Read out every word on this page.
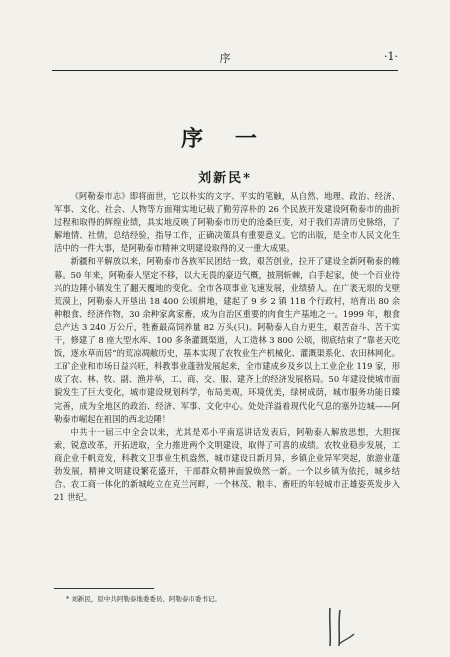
序	·1·
序 一
刘新民*

《阿勒泰市志》即将面世，它以朴实的文字、平实的笔触，从自然、地理、政治、经济、军事、文化、社会、人物等方面翔实地记载了勤劳淳朴的 26 个民族开发建设阿勒泰市的曲折过程和取得的辉煌业绩，具实地反映了阿勒泰市历史的沧桑巨变，对于我们弄清历史脉络，了解地情、社情，总结经验，指导工作，正确决策具有重要意义。它的出版，是全市人民文化生活中的一件大事，是阿勒泰市精神文明建设取得的又一重大成果。

新疆和平解放以来，阿勒泰市各族军民团结一致，艰苦创业，拉开了建设全新阿勒泰的帷幕。50 年来，阿勒泰人坚定不移，以大无畏的豪迈气概，披荆斩棘，白手起家，使一个百业待兴的边陲小镇发生了翻天覆地的变化。全市各项事业飞速发展，业绩骄人。在广袤无垠的戈壁荒漠上，阿勒泰人开垦出 18 400 公顷耕地，建起了 9 乡 2 镇 118 个行政村，培育出 80 余种粮食、经济作物，30 余种家禽家畜，成为自治区重要的肉食生产基地之一。1999 年，粮食总产达 3 240 万公斤，牲畜最高饲养量 82 万头(只)。阿勒泰人自力更生，艰苦奋斗、苦干实干，修建了 8 座大型水库、100 多条灌溉渠道，人工造林 3 800 公顷，彻底结束了“靠老天吃饭，逐水草而居”的荒凉凋敝历史，基本实现了农牧业生产机械化、灌溉渠系化、农田林网化。工矿企业和市场日益兴旺，科教事业蓬勃发展起来，全市建成乡及乡以上工业企业 119 家，形成了农、林、牧、副、渔并举，工、商、交、服、建齐上的经济发展格局。50 年建设使城市面貌发生了巨大变化，城市建设规划科学，布局美观，环境优美，绿树成荫，城市服务功能日臻完善，成为全地区的政治、经济、军事、文化中心。处处洋溢着现代化气息的塞外边城——阿勒泰市崛起在祖国的西北边陲！

中共十一届三中全会以来，尤其是邓小平南巡讲话发表后，阿勒泰人解放思想，大胆探索，锐意改革，开拓进取，全力推进两个文明建设，取得了可喜的成绩。农牧业稳步发展，工商企业千帆竞发，科教文卫事业生机盎然，城市建设日新月异，乡镇企业异军突起，旅游业蓬勃发展，精神文明建设繁花盛开，干部群众精神面貌焕然一新。一个以乡镇为依托，城乡结合、农工商一体化的新城屹立在克兰河畔，一个林茂、粮丰、畜旺的年轻城市正雄姿英发步入 21 世纪。

* 刘新民，原中共阿勒泰地委委员、阿勒泰市委书记。
